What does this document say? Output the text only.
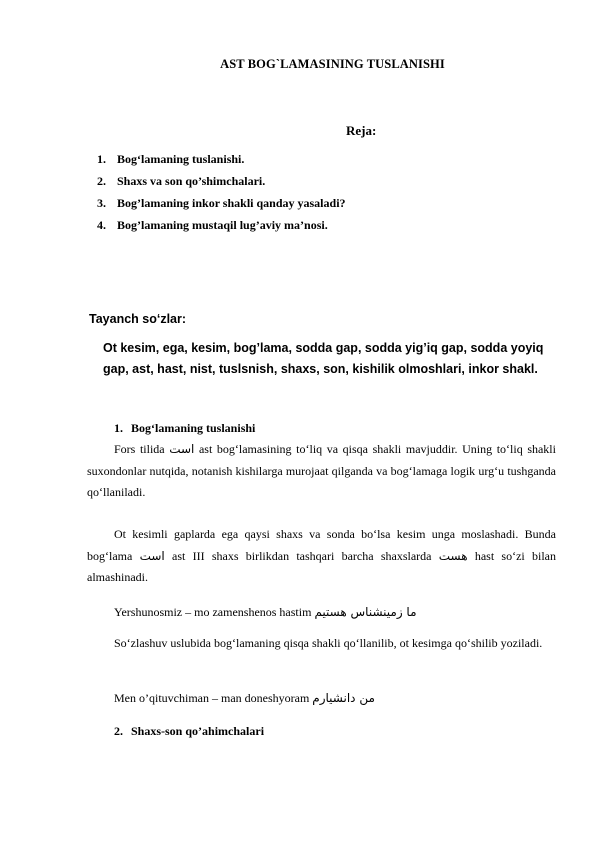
AST BOG`LAMASINING TUSLANISHI
Reja:
1. Bog‘lamaning tuslanishi.
2. Shaxs va son qo’shimchalari.
3. Bog’lamaning inkor shakli qanday yasaladi?
4. Bog’lamaning mustaqil lug’aviy ma’nosi.
Tayanch so‘zlar:
Ot kesim, ega, kesim, bog’lama, sodda gap, sodda yig’iq gap, sodda yoyiq gap, ast, hast, nist, tuslsnish, shaxs, son, kishilik olmoshlari, inkor shakl.
1. Bog‘lamaning tuslanishi
Fors tilida است ast bog‘lamasining to‘liq va qisqa shakli mavjuddir. Uning to‘liq shakli suxondonlar nutqida, notanish kishilarga murojaat qilganda va bog‘lamaga logik urg‘u tushganda qo‘llaniladi.
Ot kesimli gaplarda ega qaysi shaxs va sonda bo‘lsa kesim unga moslashadi. Bunda bog‘lama است ast III shaxs birlikdan tashqari barcha shaxslarda هست hast so‘zi bilan almashinadi.
Yershunosmiz – mo zamenshenos hastim ما زمینشناس هستیم
So‘zlashuv uslubida bog‘lamaning qisqa shakli qo‘llanilib, ot kesimga qo‘shilib yoziladi.
Men o’qituvchiman – man doneshyoram من دانشیارم
2. Shaxs-son qo’ahimchalari
